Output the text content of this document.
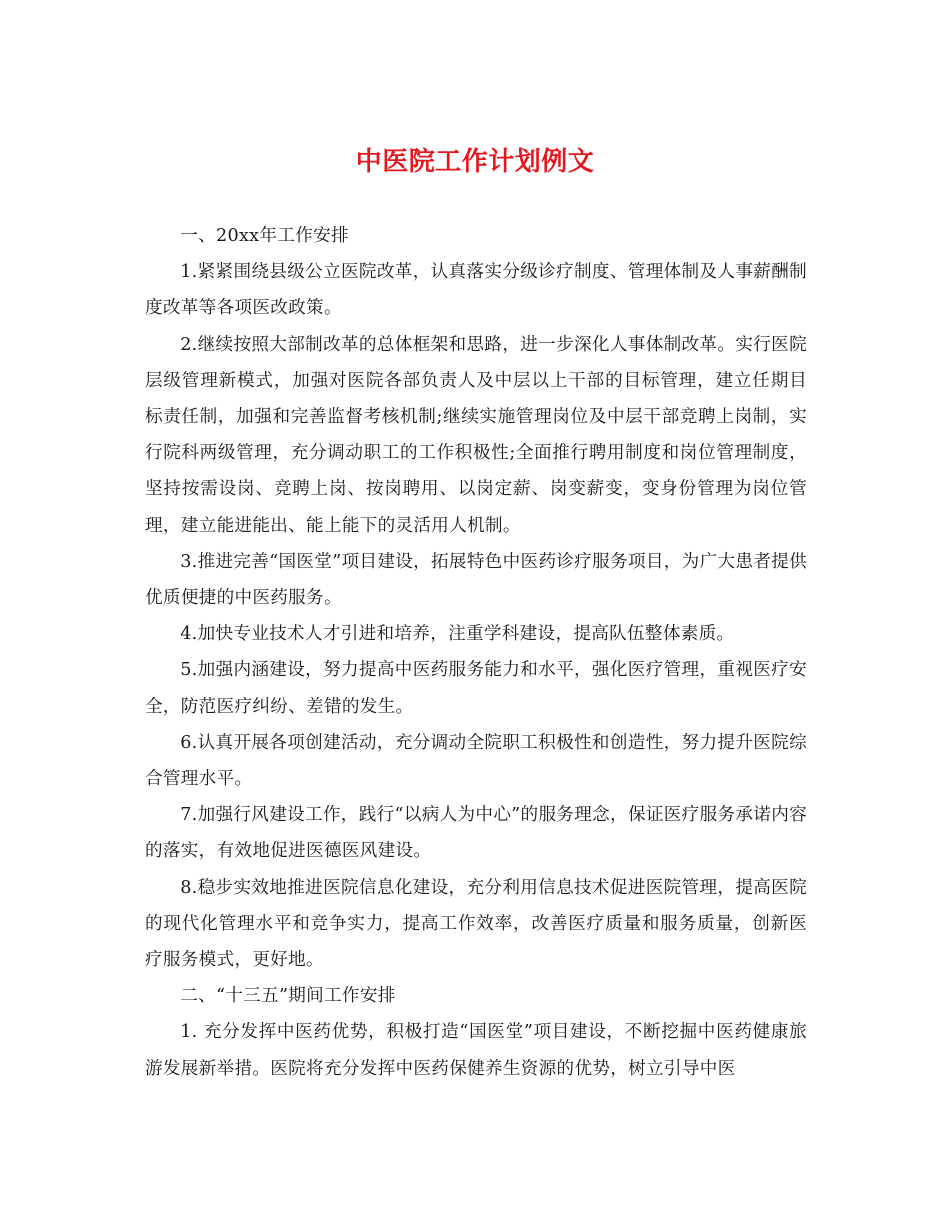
中医院工作计划例文

一、20xx年工作安排

1.紧紧围绕县级公立医院改革，认真落实分级诊疗制度、管理体制及人事薪酬制度改革等各项医改政策。

2.继续按照大部制改革的总体框架和思路，进一步深化人事体制改革。实行医院层级管理新模式，加强对医院各部负责人及中层以上干部的目标管理，建立任期目标责任制，加强和完善监督考核机制;继续实施管理岗位及中层干部竞聘上岗制，实行院科两级管理，充分调动职工的工作积极性;全面推行聘用制度和岗位管理制度，坚持按需设岗、竞聘上岗、按岗聘用、以岗定薪、岗变薪变，变身份管理为岗位管理，建立能进能出、能上能下的灵活用人机制。

3.推进完善“国医堂”项目建设，拓展特色中医药诊疗服务项目，为广大患者提供优质便捷的中医药服务。

4.加快专业技术人才引进和培养，注重学科建设，提高队伍整体素质。

5.加强内涵建设，努力提高中医药服务能力和水平，强化医疗管理，重视医疗安全，防范医疗纠纷、差错的发生。

6.认真开展各项创建活动，充分调动全院职工积极性和创造性，努力提升医院综合管理水平。

7.加强行风建设工作，践行“以病人为中心”的服务理念，保证医疗服务承诺内容的落实，有效地促进医德医风建设。

8.稳步实效地推进医院信息化建设，充分利用信息技术促进医院管理，提高医院的现代化管理水平和竞争实力，提高工作效率，改善医疗质量和服务质量，创新医疗服务模式，更好地。

二、“十三五”期间工作安排

1. 充分发挥中医药优势，积极打造“国医堂”项目建设，不断挖掘中医药健康旅游发展新举措。医院将充分发挥中医药保健养生资源的优势，树立引导中医
